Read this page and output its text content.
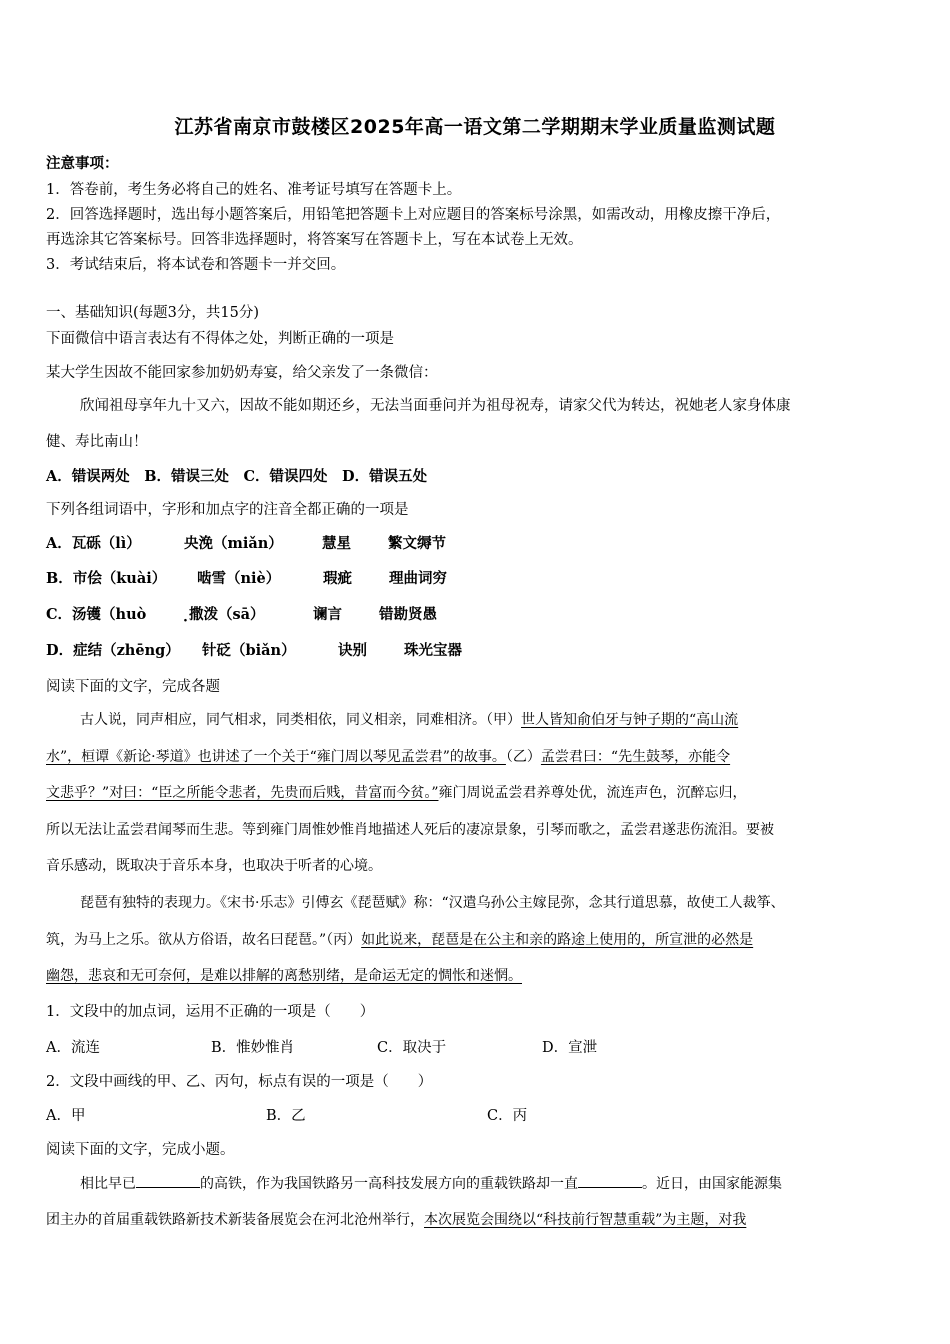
江苏省南京市鼓楼区2025年高一语文第二学期期末学业质量监测试题
注意事项：
1．答卷前，考生务必将自己的姓名、准考证号填写在答题卡上。
2．回答选择题时，选出每小题答案后，用铅笔把答题卡上对应题目的答案标号涂黑，如需改动，用橡皮擦干净后，
再选涂其它答案标号。回答非选择题时，将答案写在答题卡上，写在本试卷上无效。
3．考试结束后，将本试卷和答题卡一并交回。
一、基础知识(每题3分，共15分)
下面微信中语言表达有不得体之处，判断正确的一项是
某大学生因故不能回家参加奶奶寿宴，给父亲发了一条微信：
欣闻祖母享年九十又六，因故不能如期还乡，无法当面垂问并为祖母祝寿，请家父代为转达，祝她老人家身体康
健、寿比南山！
A．错误两处　B．错误三处　C．错误四处　D．错误五处
下列各组词语中，字形和加点字的注音全都正确的一项是
A．瓦砾（lì）	央浼（miǎn）	慧星	繁文缛节
B．市侩（kuài） 啮雪（niè）	瑕疵	理曲词穷
C．汤镬（huò	撒泼（sā） ·	谰言	错勘贤愚
D．症结（zhēng） 针砭（biǎn）	诀别	珠光宝器
阅读下面的文字，完成各题
古人说，同声相应，同气相求，同类相依，同义相亲，同难相济。（甲）世人皆知俞伯牙与钟子期的“高山流
水”，桓谭《新论·琴道》也讲述了一个关于“雍门周以琴见孟尝君”的故事。（乙）孟尝君曰：“先生鼓琴，亦能令
文悲乎？”对曰：“臣之所能令悲者，先贵而后贱，昔富而今贫。”雍门周说孟尝君养尊处优，流连声色，沉醉忘归，
所以无法让孟尝君闻琴而生悲。等到雍门周惟妙惟肖地描述人死后的凄凉景象，引琴而歌之，孟尝君遂悲伤流泪。要被
音乐感动，既取决于音乐本身，也取决于听者的心境。
琵琶有独特的表现力。《宋书·乐志》引傅玄《琵琶赋》称：“汉遣乌孙公主嫁昆弥，念其行道思慕，故使工人裁筝、
筑，为马上之乐。欲从方俗语，故名曰琵琶。”（丙）如此说来，琵琶是在公主和亲的路途上使用的，所宣泄的必然是
幽怨，悲哀和无可奈何，是难以排解的离愁别绪，是命运无定的惆怅和迷惘。
1．文段中的加点词，运用不正确的一项是（　　）
A．流连	B．惟妙惟肖	C．取决于	D．宣泄
2．文段中画线的甲、乙、丙句，标点有误的一项是（　　）
A．甲	B．乙	C．丙
阅读下面的文字，完成小题。
相比早已	的高铁，作为我国铁路另一高科技发展方向的重载铁路却一直	。近日，由国家能源集
团主办的首届重载铁路新技术新装备展览会在河北沧州举行，本次展览会围绕以“科技前行智慧重载”为主题，对我
